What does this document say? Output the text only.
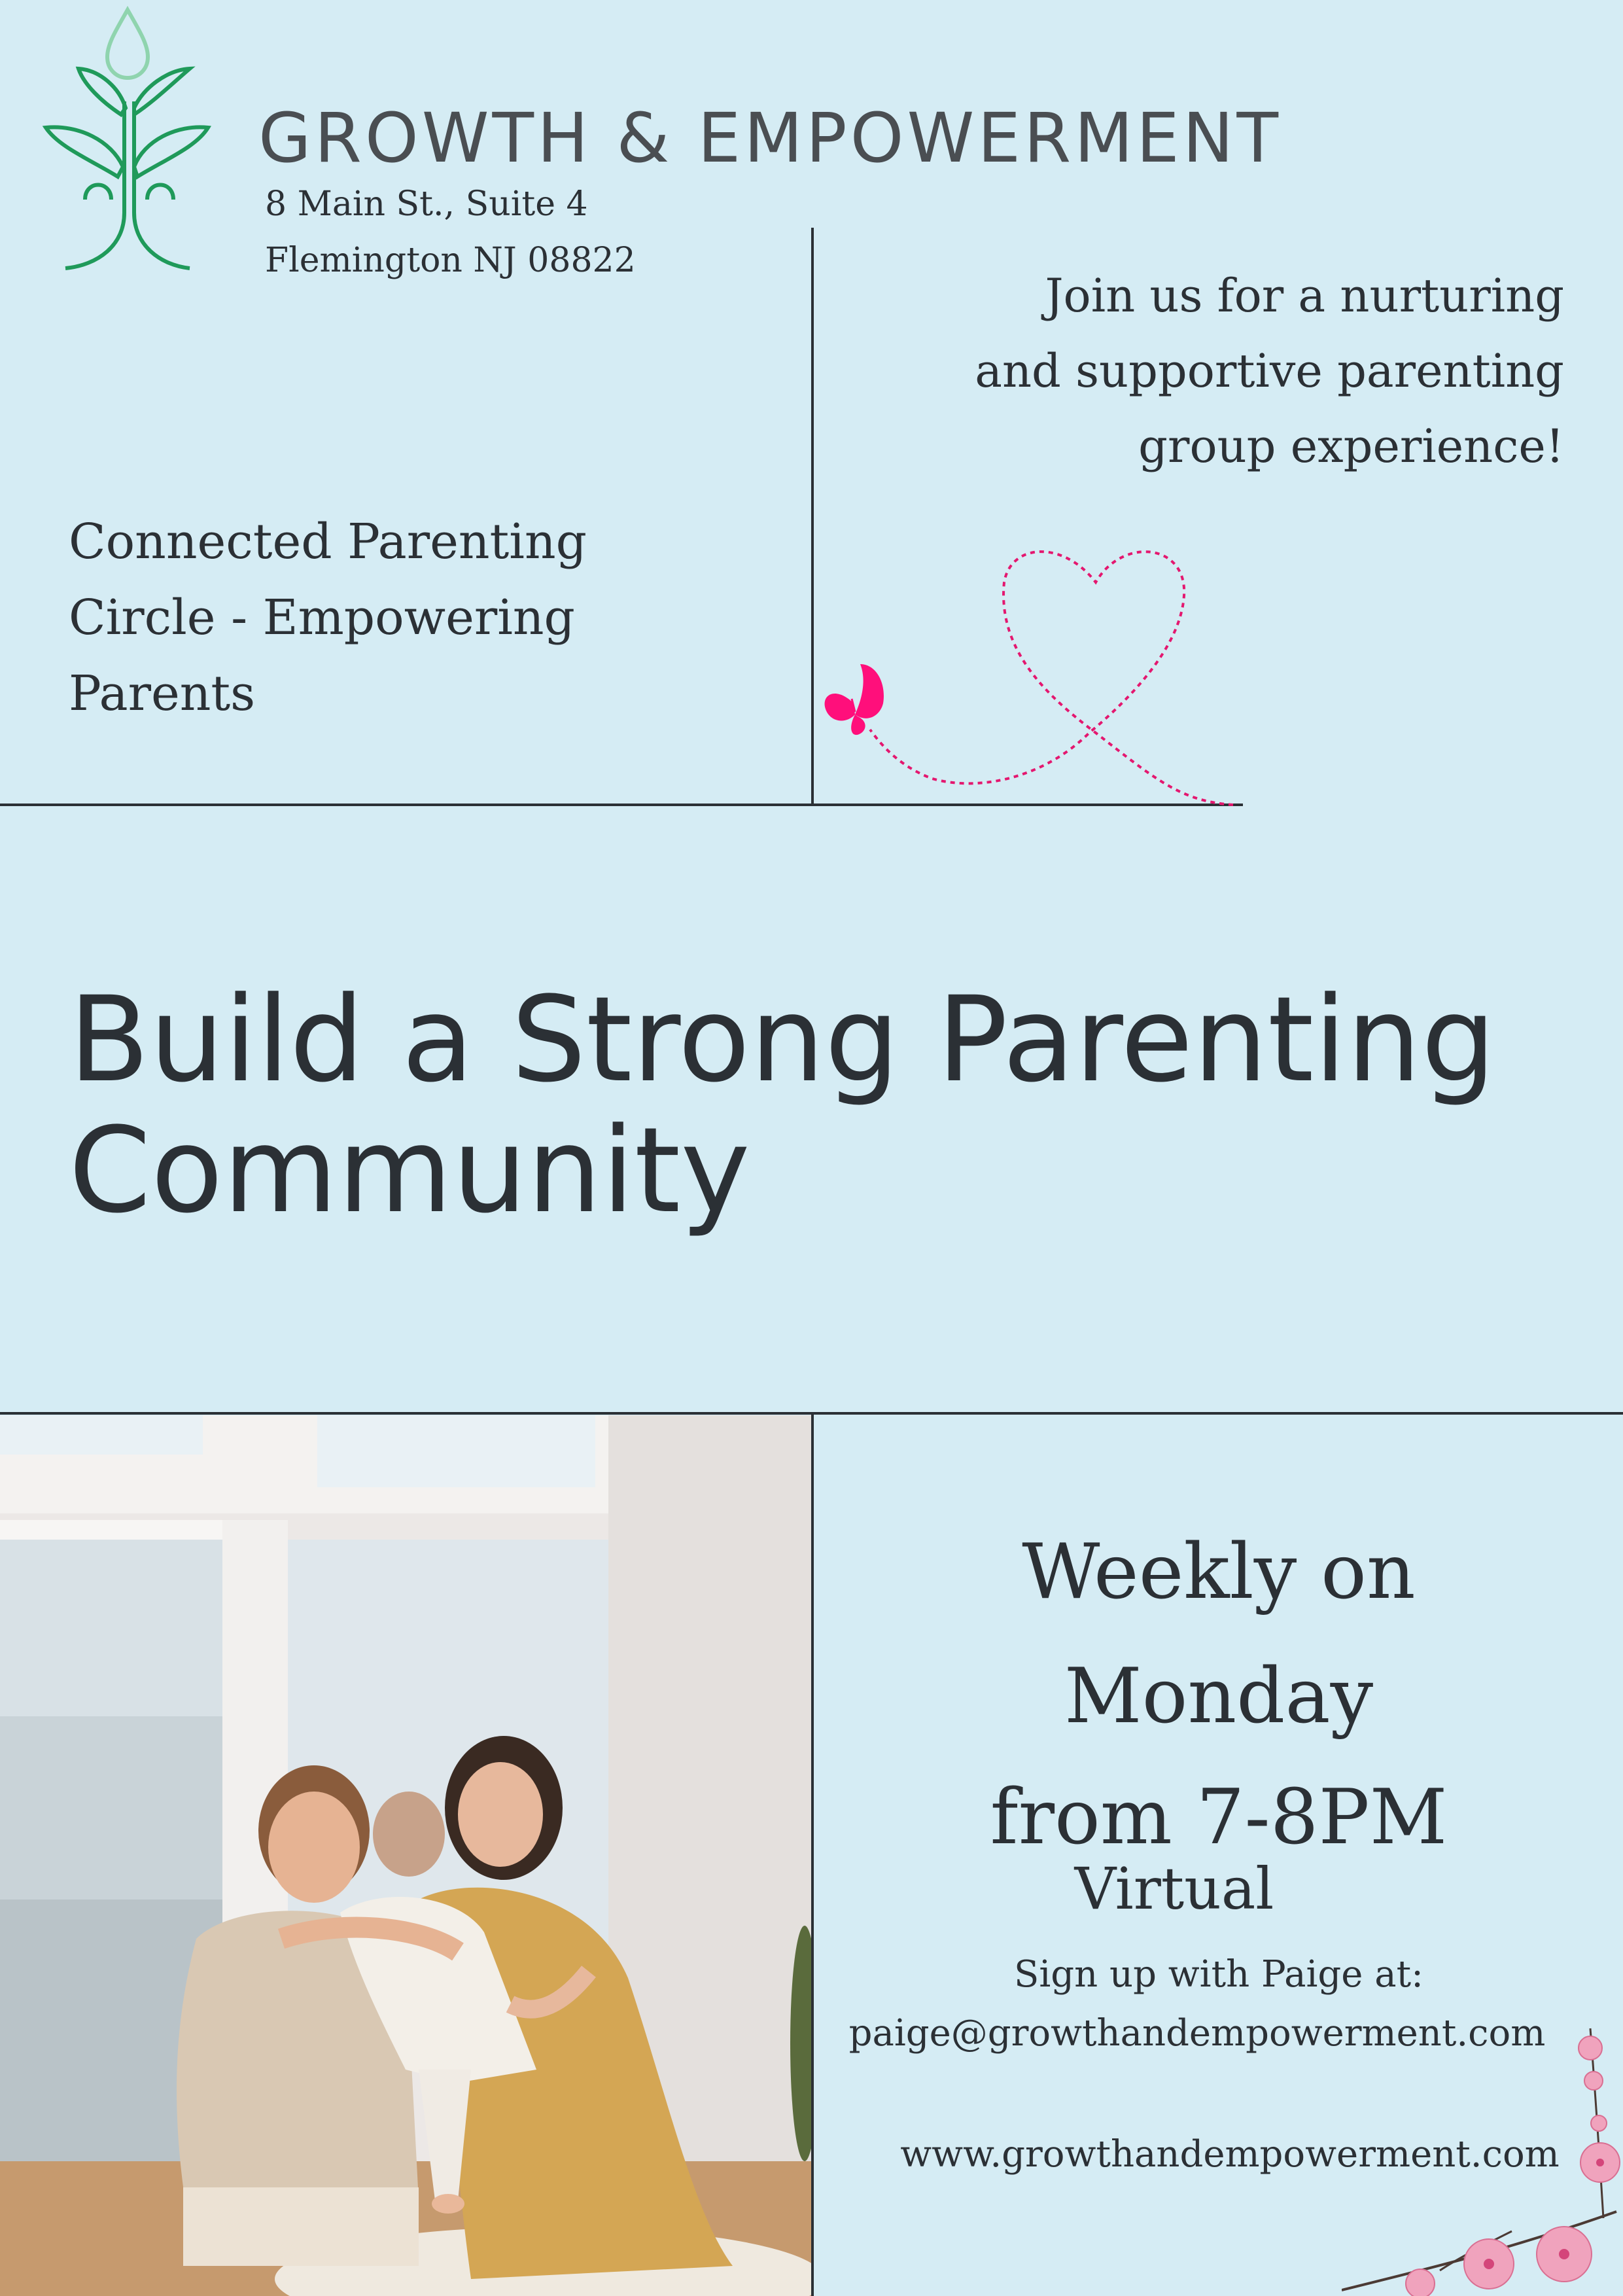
GROWTH & EMPOWERMENT
8 Main St., Suite 4
Flemington NJ 08822
Connected Parenting
Circle - Empowering
Parents
Join us for a nurturing
and supportive parenting
group experience!
Build a Strong Parenting
Community
Weekly on
Monday
from 7-8PM
Virtual
Sign up with Paige at:
paige@growthandempowerment.com
www.growthandempowerment.com
